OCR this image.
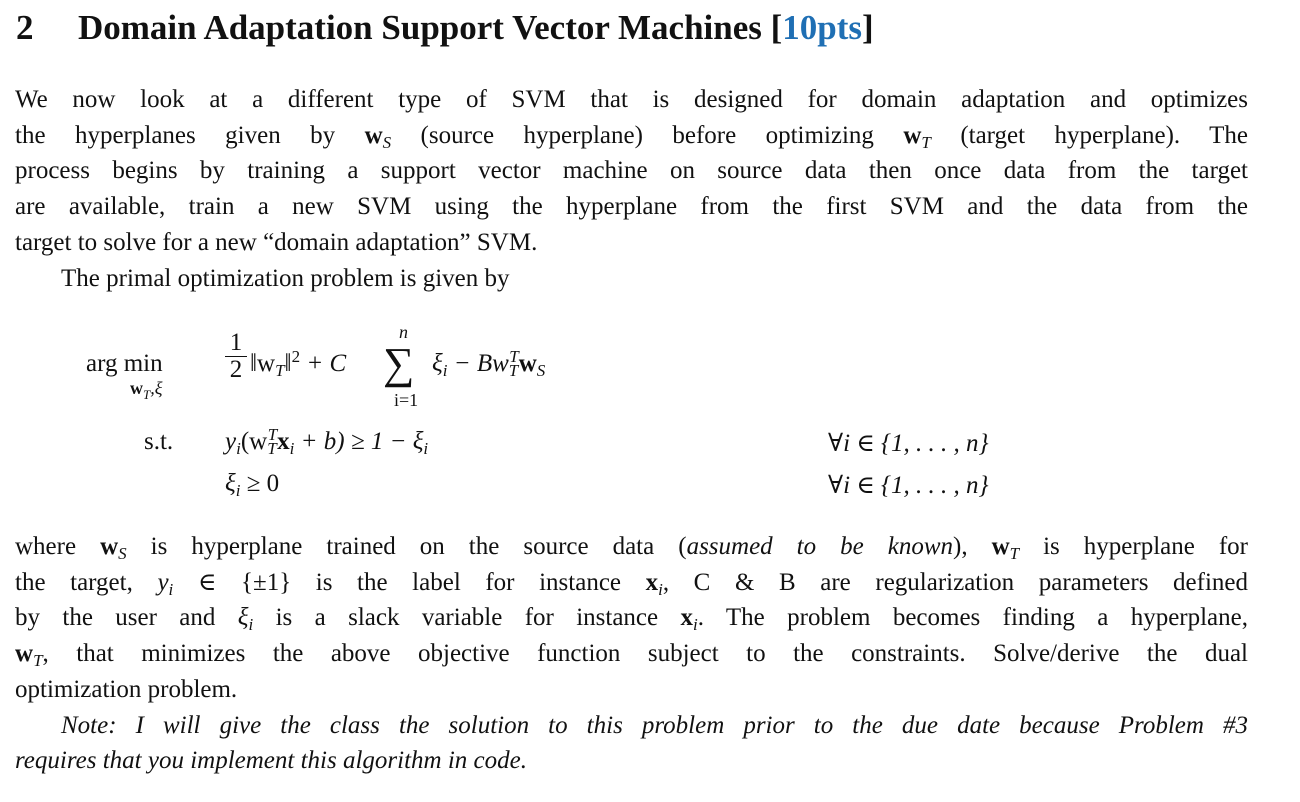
2 Domain Adaptation Support Vector Machines [10pts]
We now look at a different type of SVM that is designed for domain adaptation and optimizes
the hyperplanes given by $w_S$ (source hyperplane) before optimizing $w_T$ (target hyperplane). The
process begins by training a support vector machine on source data then once data from the target
are available, train a new SVM using the hyperplane from the first SVM and the data from the
target to solve for a new “domain adaptation” SVM.
The primal optimization problem is given by
arg min
$w_T,\xi$
1
2 $‖w_T‖^2 + C$
n
∑
i=1
$\xi_i - Bw_T^Tw_S$
s.t. $y_i(w_T^Tx_i + b) \ge 1 - \xi_i$	∀i ∈ {1, . . . , n}
$\xi_i \ge 0$	∀i ∈ {1, . . . , n}
where $w_S$ is hyperplane trained on the source data (assumed to be known), $w_T$ is hyperplane for
the target, $y_i$ ∈ {±1} is the label for instance $x_i$, C & B are regularization parameters defined
by the user and $\xi_i$ is a slack variable for instance $x_i$. The problem becomes finding a hyperplane,
$w_T$, that minimizes the above objective function subject to the constraints. Solve/derive the dual
optimization problem.
Note: I will give the class the solution to this problem prior to the due date because Problem #3
requires that you implement this algorithm in code.
